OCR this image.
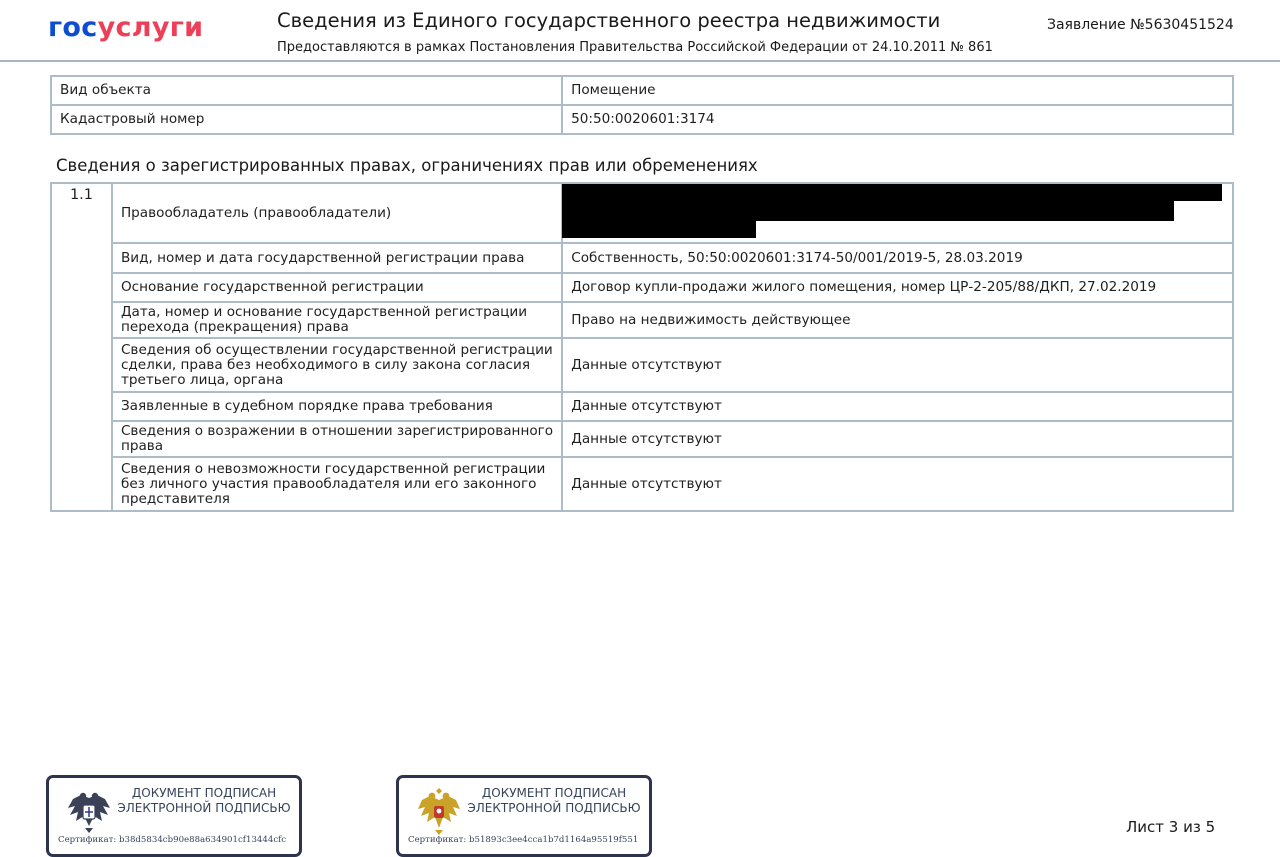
госуслуги	Сведения из Единого государственного реестра недвижимости
Предоставляются в рамках Постановления Правительства Российской Федерации от 24.10.2011 № 861
Заявление №5630451524
Вид объекта	Помещение
Кадастровый номер	50:50:0020601:3174
Сведения о зарегистрированных правах, ограничениях прав или обременениях
1.1	Правообладатель (правообладатели)	

	Вид, номер и дата государственной регистрации права	Собственность, 50:50:0020601:3174-50/001/2019-5, 28.03.2019
	Основание государственной регистрации	Договор купли-продажи жилого помещения, номер ЦР-2-205/88/ДКП, 27.02.2019
	Дата, номер и основание государственной регистрации перехода (прекращения) права	Право на недвижимость действующее
	Сведения об осуществлении государственной регистрации сделки, права без необходимого в силу закона согласия третьего лица, органа	Данные отсутствуют
	Заявленные в судебном порядке права требования	Данные отсутствуют
	Сведения о возражении в отношении зарегистрированного права	Данные отсутствуют
	Сведения о невозможности государственной регистрации без личного участия правообладателя или его законного представителя	Данные отсутствуют
ДОКУМЕНТ ПОДПИСАН ЭЛЕКТРОННОЙ ПОДПИСЬЮ
Сертификат: b38d5834cb90e88a634901cf13444cfc
ДОКУМЕНТ ПОДПИСАН ЭЛЕКТРОННОЙ ПОДПИСЬЮ
Сертификат: b51893c3ee4cca1b7d1164a95519f551
Лист 3 из 5
